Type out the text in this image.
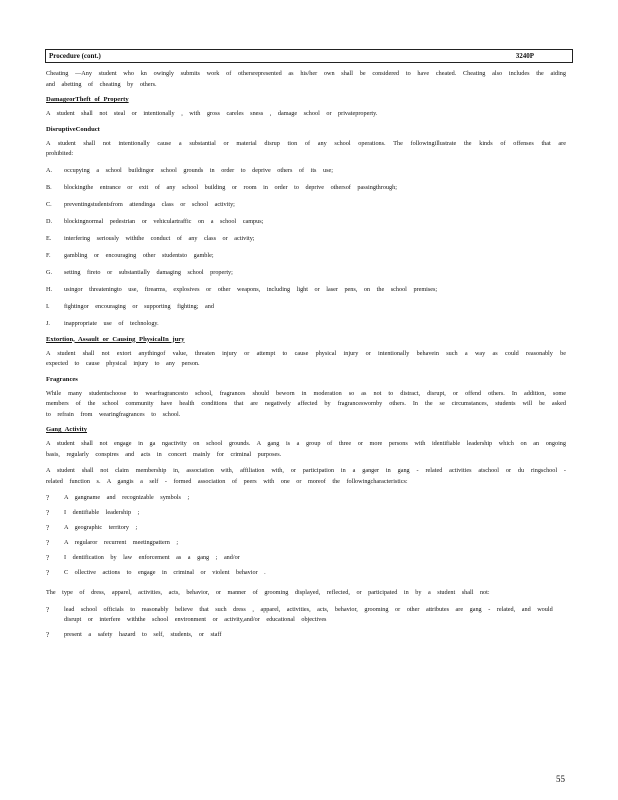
Procedure (cont.)	3240P

Cheating —Any student who kn owingly submits work of othersrepresented as his/her own shall be considered to have cheated. Cheating also includes the aiding and abetting of cheating by others.

DamageorTheft of Property

A student shall not steal or intentionally , with gross careles sness , damage school or privateproperty.

DisruptiveConduct

A student shall not intentionally cause a substantial or material disrup tion of any school operations. The followingillustrate the kinds of offenses that are prohibited:

A.	occupying a school buildingor school grounds in order to deprive others of its use;
B.	blockingthe entrance or exit of any school building or room in order to deprive othersof passingthrough;
C.	preventingstudentsfrom attendinga class or school activity;
D.	blockingnormal pedestrian or vehiculartraffic on a school campus;
E.	interfering seriously withthe conduct of any class or activity;
F.	gambling or encouraging other studentsto gamble;
G.	setting fireto or substantially damaging school property;
H.	usingor threateningto use, firearms, explosives or other weapons, including light or laser pens, on the school premises;
I.	fightingor encouraging or supporting fighting; and
J.	inappropriate use of technology.
Extortion, Assault or Causing PhysicalIn jury

A student shall not extort anythingof value, threaten injury or attempt to cause physical injury or intentionally behavein such a way as could reasonably be expected to cause physical injury to any person.

Fragrances

While many studentschoose to wearfragrancesto school, fragrances should beworn in moderation so as not to distract, disrupt, or offend others. In addition, some members of the school community have health conditions that are negatively affected by fragranceswornby others. In the se circumstances, students will be asked to refrain from wearingfragrances to school.

Gang Activity

A student shall not engage in ga ngactivity on school grounds. A gang is a group of three or more persons with identifiable leadership which on an ongoing basis, regularly conspires and acts in concert mainly for criminal purposes.

A student shall not claim membership in, association with, affiliation with, or participation in a ganger in gang - related activities atschool or du ringschool - related function s. A gangis a self - formed association of peers with one or moreof the followingcharacteristics:

?	A gangname and recognizable symbols ;
?	I dentifiable leadership ;
?	A geographic territory ;
?	A regularor recurrent meetingpattern ;
?	I dentification by law enforcement as a gang ; and/or
?	C ollective actions to engage in criminal or violent behavior .

The type of dress, apparel, activities, acts, behavior, or manner of grooming displayed, reflected, or participated in by a student shall not:

?	lead school officials to reasonably believe that such dress , apparel, activities, acts, behavior, grooming or other attributes are gang - related, and would disrupt or interfere withthe school environment or activity,and/or educational objectives
?	present a safety hazard to self, students, or staff
55
